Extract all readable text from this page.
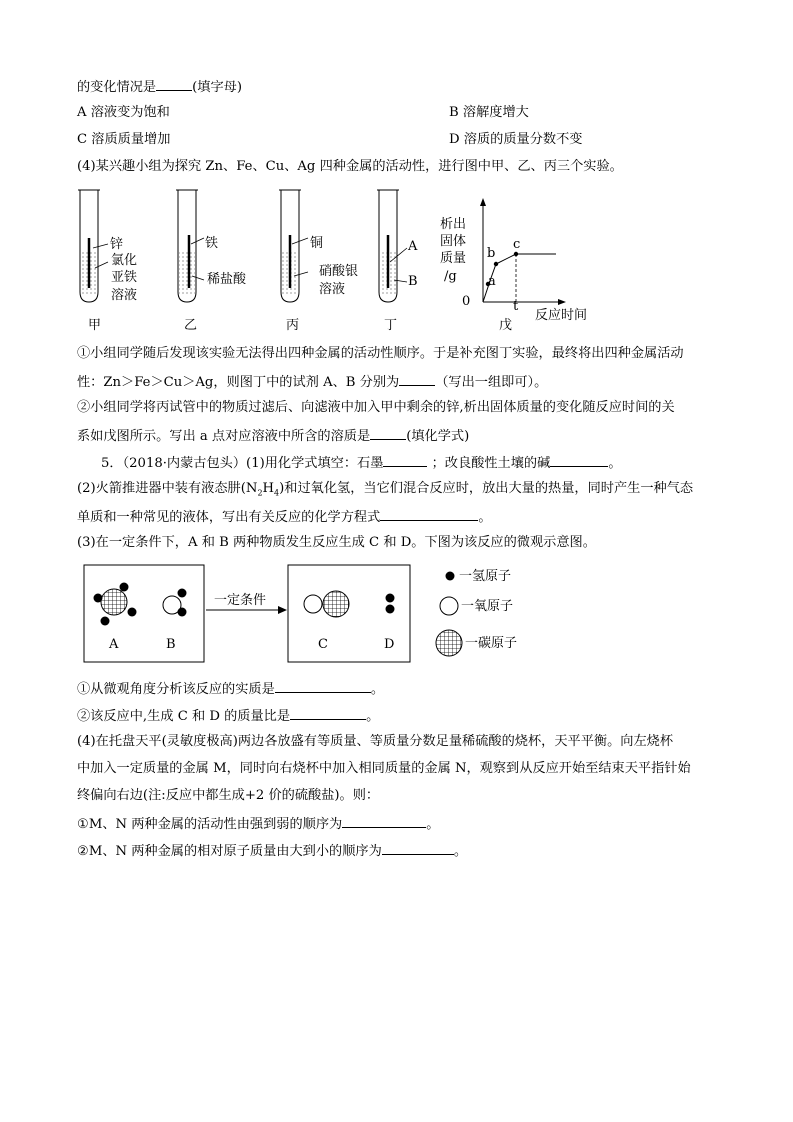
的变化情况是	(填字母)
A 溶液变为饱和	B 溶解度增大
C 溶质质量增加	D 溶质的质量分数不变
(4)某兴趣小组为探究 Zn、Fe、Cu、Ag 四种金属的活动性，进行图中甲、乙、丙三个实验。
锌
氯化
亚铁
溶液
甲
铁
稀盐酸
乙
铜
硝酸银
溶液
丙
A
B
丁
析出
固体
质量
/g
0
a
b
c
t
反应时间
戊
①小组同学随后发现该实验无法得出四种金属的活动性顺序。于是补充图丁实验，最终将出四种金属活动
性：Zn＞Fe＞Cu＞Ag，则图丁中的试剂 A、B 分别为	（写出一组即可）。
②小组同学将丙试管中的物质过滤后、向滤液中加入甲中剩余的锌,析出固体质量的变化随反应时间的关
系如戊图所示。写出 a 点对应溶液中所含的溶质是	(填化学式)
5．（2018·内蒙古包头）(1)用化学式填空：石墨	；改良酸性土壤的碱	。
(2)火箭推进器中装有液态肼$(N_2H_4)$和过氧化氢，当它们混合反应时，放出大量的热量，同时产生一种气态
单质和一种常见的液体，写出有关反应的化学方程式	。
(3)在一定条件下，A 和 B 两种物质发生反应生成 C 和 D。下图为该反应的微观示意图。
A	B	C	D
一定条件
一氢原子
一氧原子
一碳原子
①从微观角度分析该反应的实质是	。
②该反应中,生成 C 和 D 的质量比是	。
(4)在托盘天平(灵敏度极高)两边各放盛有等质量、等质量分数足量稀硫酸的烧杯，天平平衡。向左烧杯
中加入一定质量的金属 M，同时向右烧杯中加入相同质量的金属 N，观察到从反应开始至结束天平指针始
终偏向右边(注:反应中都生成+2 价的硫酸盐)。则：
①M、N 两种金属的活动性由强到弱的顺序为	。
②M、N 两种金属的相对原子质量由大到小的顺序为	。
